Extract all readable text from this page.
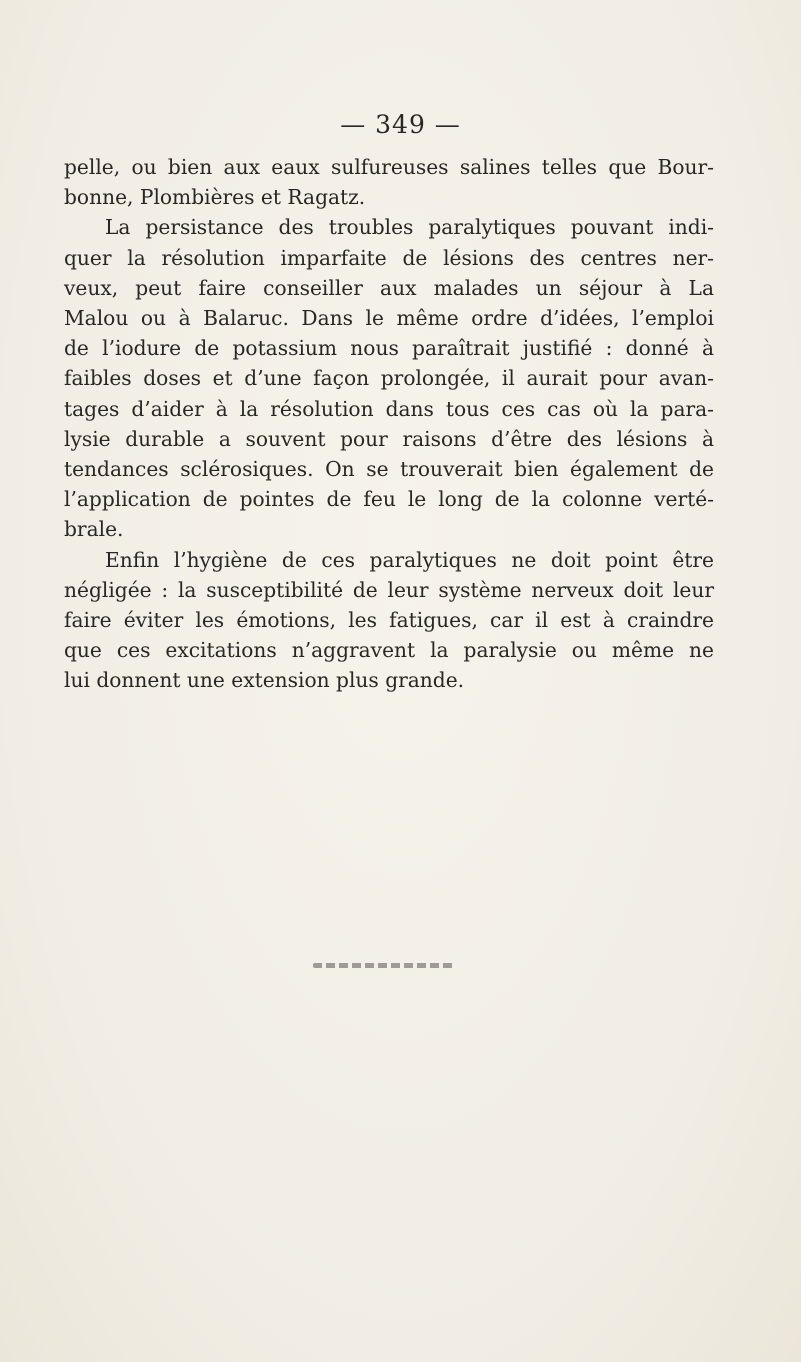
— 349 —
pelle, ou bien aux eaux sulfureuses salines telles que Bour-
bonne, Plombières et Ragatz.
La persistance des troubles paralytiques pouvant indi-
quer la résolution imparfaite de lésions des centres ner-
veux, peut faire conseiller aux malades un séjour à La
Malou ou à Balaruc. Dans le même ordre d’idées, l’emploi
de l’iodure de potassium nous paraîtrait justifié : donné à
faibles doses et d’une façon prolongée, il aurait pour avan-
tages d’aider à la résolution dans tous ces cas où la para-
lysie durable a souvent pour raisons d’être des lésions à
tendances sclérosiques. On se trouverait bien également de
l’application de pointes de feu le long de la colonne verté-
brale.
Enfin l’hygiène de ces paralytiques ne doit point être
négligée : la susceptibilité de leur système nerveux doit leur
faire éviter les émotions, les fatigues, car il est à craindre
que ces excitations n’aggravent la paralysie ou même ne
lui donnent une extension plus grande.
